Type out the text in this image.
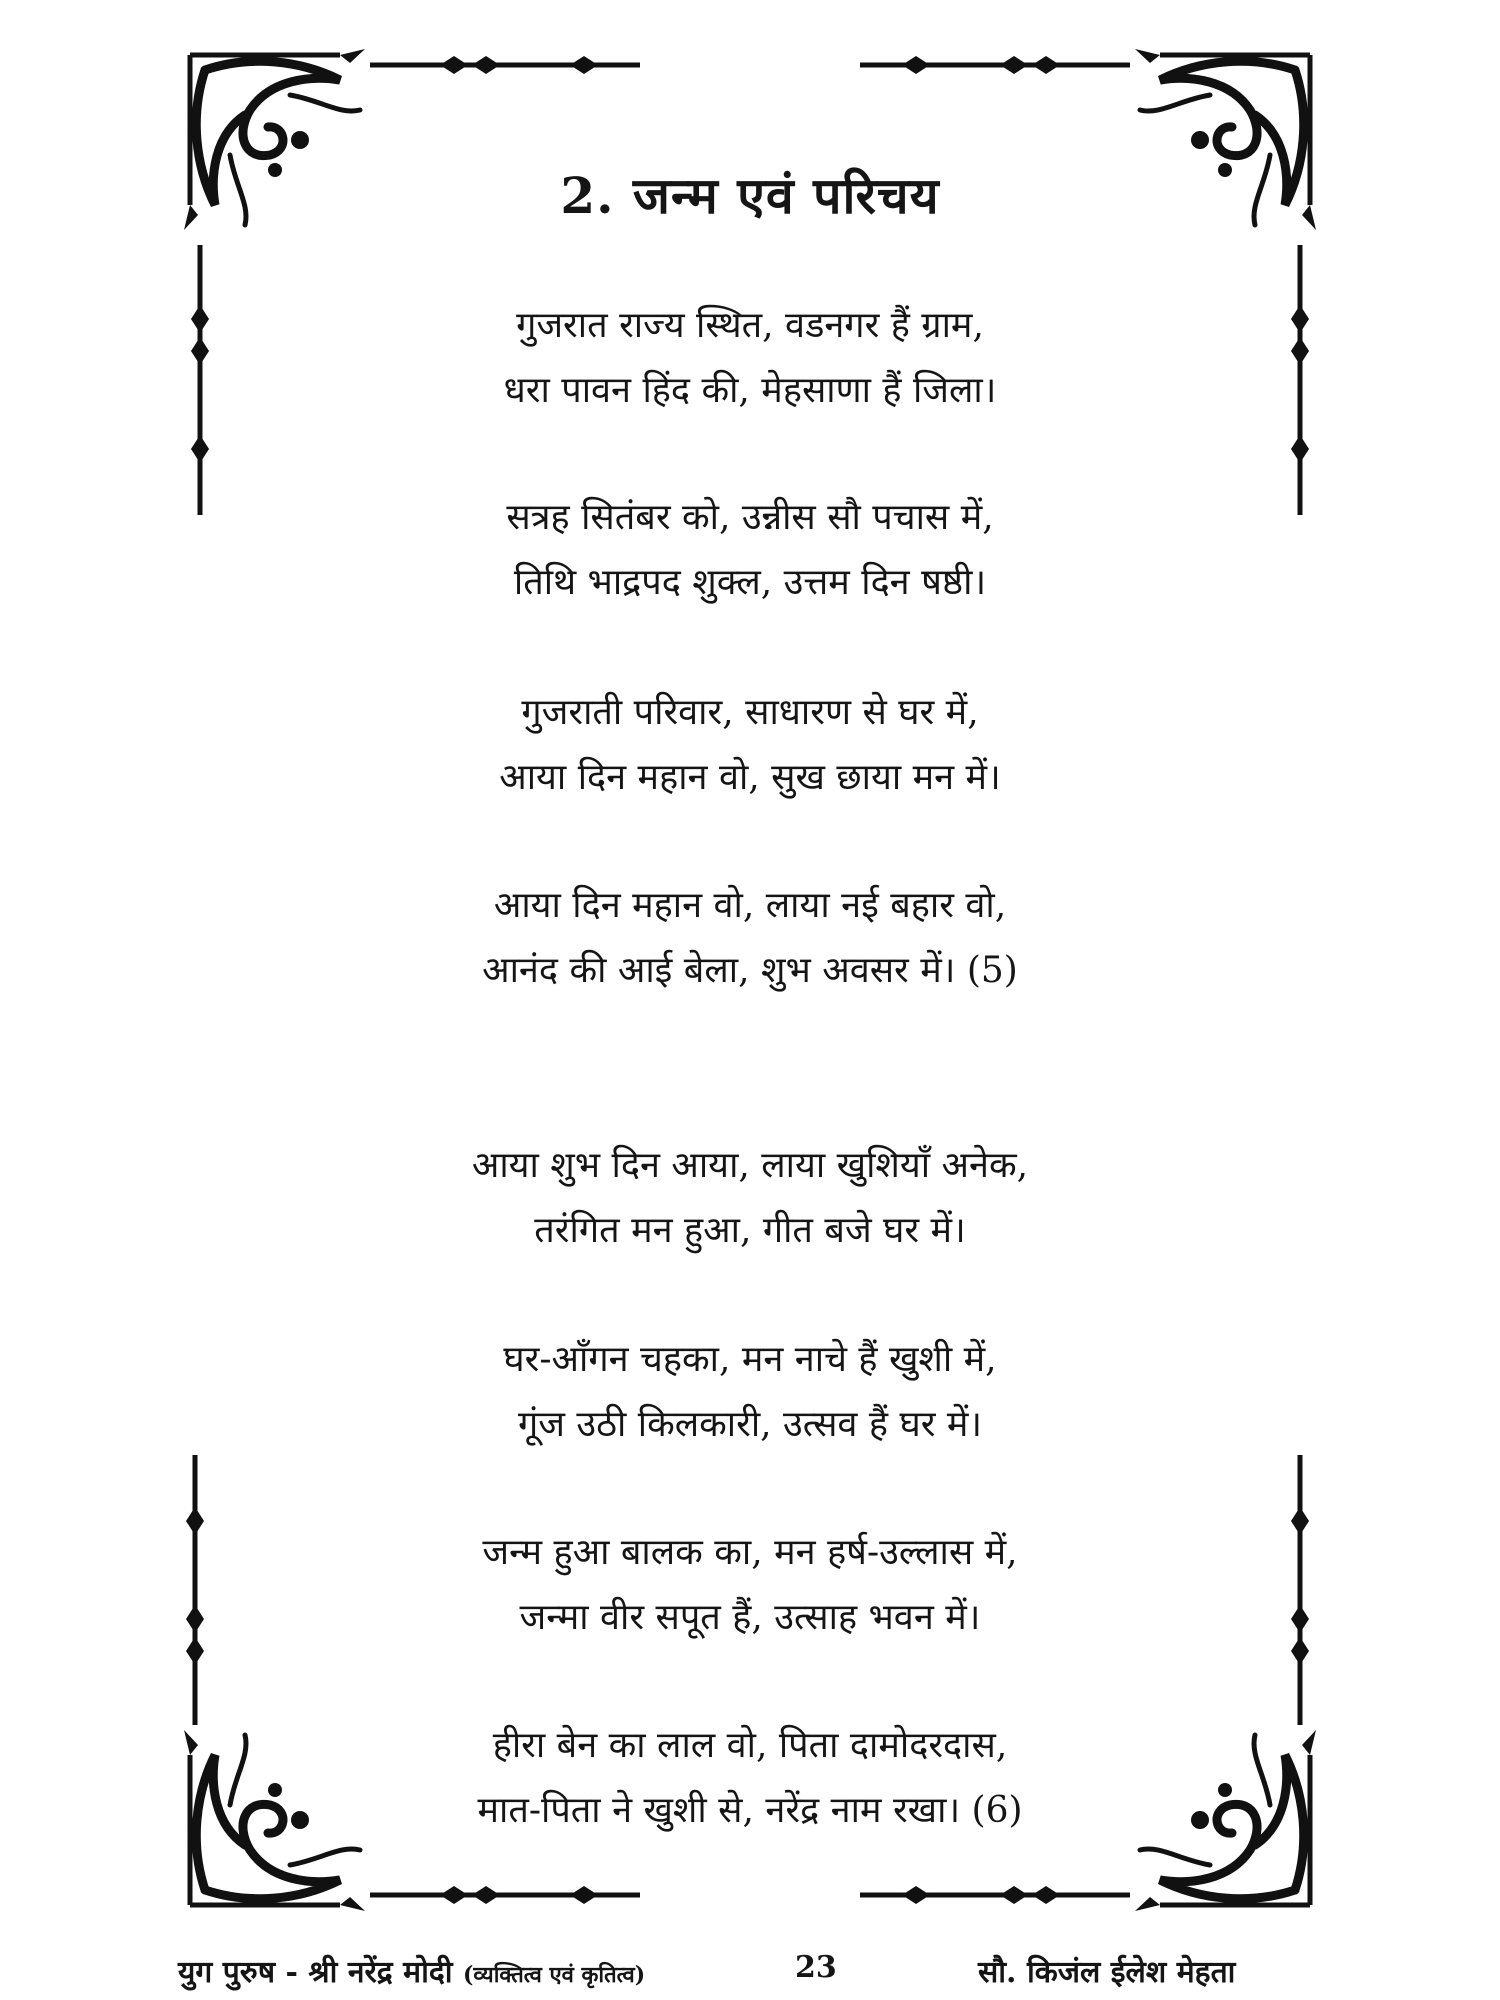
2. जन्म एवं परिचय
गुजरात राज्य स्थित, वडनगर हैं ग्राम,
धरा पावन हिंद की, मेहसाणा हैं जिला।
सत्रह सितंबर को, उन्नीस सौ पचास में,
तिथि भाद्रपद शुक्ल, उत्तम दिन षष्ठी।
गुजराती परिवार, साधारण से घर में,
आया दिन महान वो, सुख छाया मन में।
आया दिन महान वो, लाया नई बहार वो,
आनंद की आई बेला, शुभ अवसर में। (5)
आया शुभ दिन आया, लाया खुशियाँ अनेक,
तरंगित मन हुआ, गीत बजे घर में।
घर-आँगन चहका, मन नाचे हैं खुशी में,
गूंज उठी किलकारी, उत्सव हैं घर में।
जन्म हुआ बालक का, मन हर्ष-उल्लास में,
जन्मा वीर सपूत हैं, उत्साह भवन में।
हीरा बेन का लाल वो, पिता दामोदरदास,
मात-पिता ने खुशी से, नरेंद्र नाम रखा। (6)
युग पुरुष - श्री नरेंद्र मोदी (व्यक्तित्व एवं कृतित्व)	23	सौ. किजंल ईलेश मेहता
